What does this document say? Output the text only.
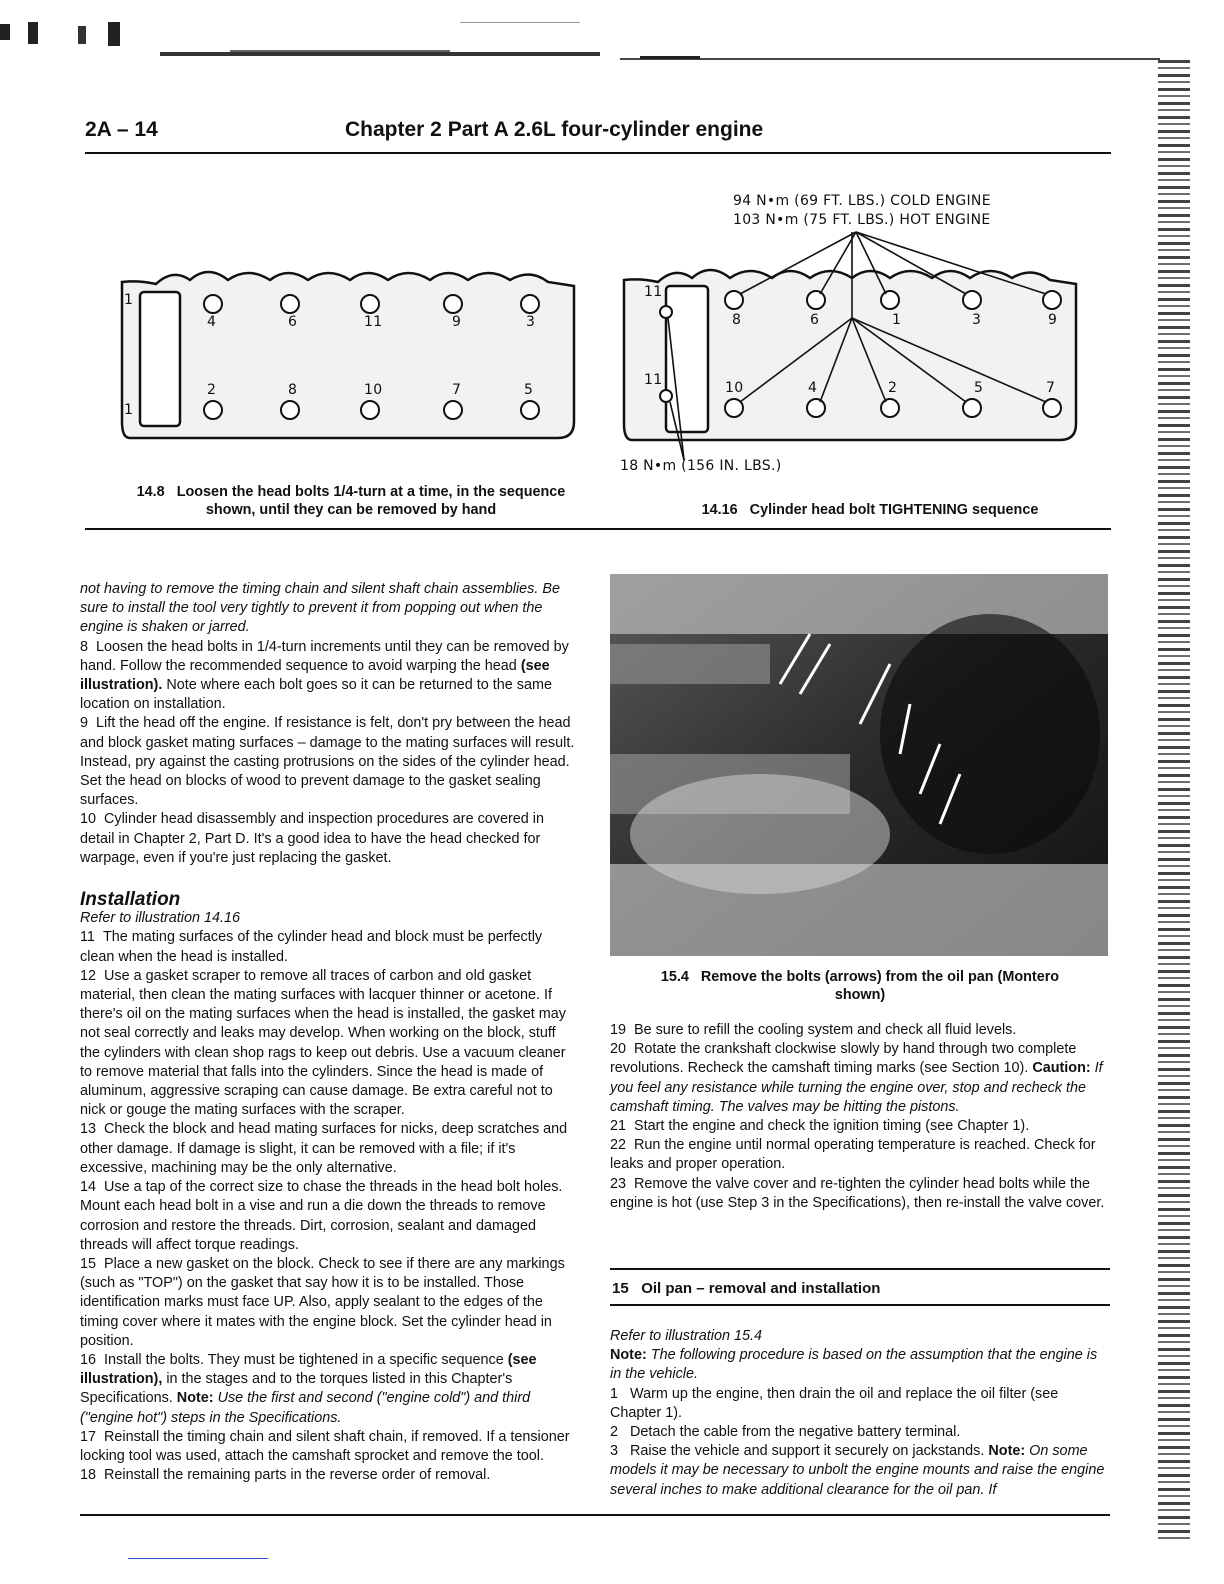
2A – 14	Chapter 2 Part A 2.6L four-cylinder engine
1
1
4	6	11	9	3
2	8	10	7	5
14.8 Loosen the head bolts 1/4-turn at a time, in the sequence shown, until they can be removed by hand
94 N•m (69 FT. LBS.) COLD ENGINE
103 N•m (75 FT. LBS.) HOT ENGINE
11
11
8	6	1	3	9
10	4	2	5	7
18 N•m (156 IN. LBS.)
14.16 Cylinder head bolt TIGHTENING sequence

not having to remove the timing chain and silent shaft chain assemblies. Be sure to install the tool very tightly to prevent it from popping out when the engine is shaken or jarred.

8 Loosen the head bolts in 1/4-turn increments until they can be removed by hand. Follow the recommended sequence to avoid warping the head (see illustration). Note where each bolt goes so it can be returned to the same location on installation.

9 Lift the head off the engine. If resistance is felt, don't pry between the head and block gasket mating surfaces – damage to the mating surfaces will result. Instead, pry against the casting protrusions on the sides of the cylinder head. Set the head on blocks of wood to prevent damage to the gasket sealing surfaces.

10 Cylinder head disassembly and inspection procedures are covered in detail in Chapter 2, Part D. It's a good idea to have the head checked for warpage, even if you're just replacing the gasket.

Installation

Refer to illustration 14.16

11 The mating surfaces of the cylinder head and block must be perfectly clean when the head is installed.

12 Use a gasket scraper to remove all traces of carbon and old gasket material, then clean the mating surfaces with lacquer thinner or acetone. If there's oil on the mating surfaces when the head is installed, the gasket may not seal correctly and leaks may develop. When working on the block, stuff the cylinders with clean shop rags to keep out debris. Use a vacuum cleaner to remove material that falls into the cylinders. Since the head is made of aluminum, aggressive scraping can cause damage. Be extra careful not to nick or gouge the mating surfaces with the scraper.

13 Check the block and head mating surfaces for nicks, deep scratches and other damage. If damage is slight, it can be removed with a file; if it's excessive, machining may be the only alternative.

14 Use a tap of the correct size to chase the threads in the head bolt holes. Mount each head bolt in a vise and run a die down the threads to remove corrosion and restore the threads. Dirt, corrosion, sealant and damaged threads will affect torque readings.

15 Place a new gasket on the block. Check to see if there are any markings (such as "TOP") on the gasket that say how it is to be installed. Those identification marks must face UP. Also, apply sealant to the edges of the timing cover where it mates with the engine block. Set the cylinder head in position.

16 Install the bolts. They must be tightened in a specific sequence (see illustration), in the stages and to the torques listed in this Chapter's Specifications. Note: Use the first and second ("engine cold") and third ("engine hot") steps in the Specifications.

17 Reinstall the timing chain and silent shaft chain, if removed. If a tensioner locking tool was used, attach the camshaft sprocket and remove the tool.

18 Reinstall the remaining parts in the reverse order of removal.

15.4 Remove the bolts (arrows) from the oil pan (Montero shown)

19 Be sure to refill the cooling system and check all fluid levels.

20 Rotate the crankshaft clockwise slowly by hand through two complete revolutions. Recheck the camshaft timing marks (see Section 10). Caution: If you feel any resistance while turning the engine over, stop and recheck the camshaft timing. The valves may be hitting the pistons.

21 Start the engine and check the ignition timing (see Chapter 1).

22 Run the engine until normal operating temperature is reached. Check for leaks and proper operation.

23 Remove the valve cover and re-tighten the cylinder head bolts while the engine is hot (use Step 3 in the Specifications), then re-install the valve cover.

15 Oil pan – removal and installation

Refer to illustration 15.4

Note: The following procedure is based on the assumption that the engine is in the vehicle.

1 Warm up the engine, then drain the oil and replace the oil filter (see Chapter 1).

2 Detach the cable from the negative battery terminal.

3 Raise the vehicle and support it securely on jackstands. Note: On some models it may be necessary to unbolt the engine mounts and raise the engine several inches to make additional clearance for the oil pan. If
